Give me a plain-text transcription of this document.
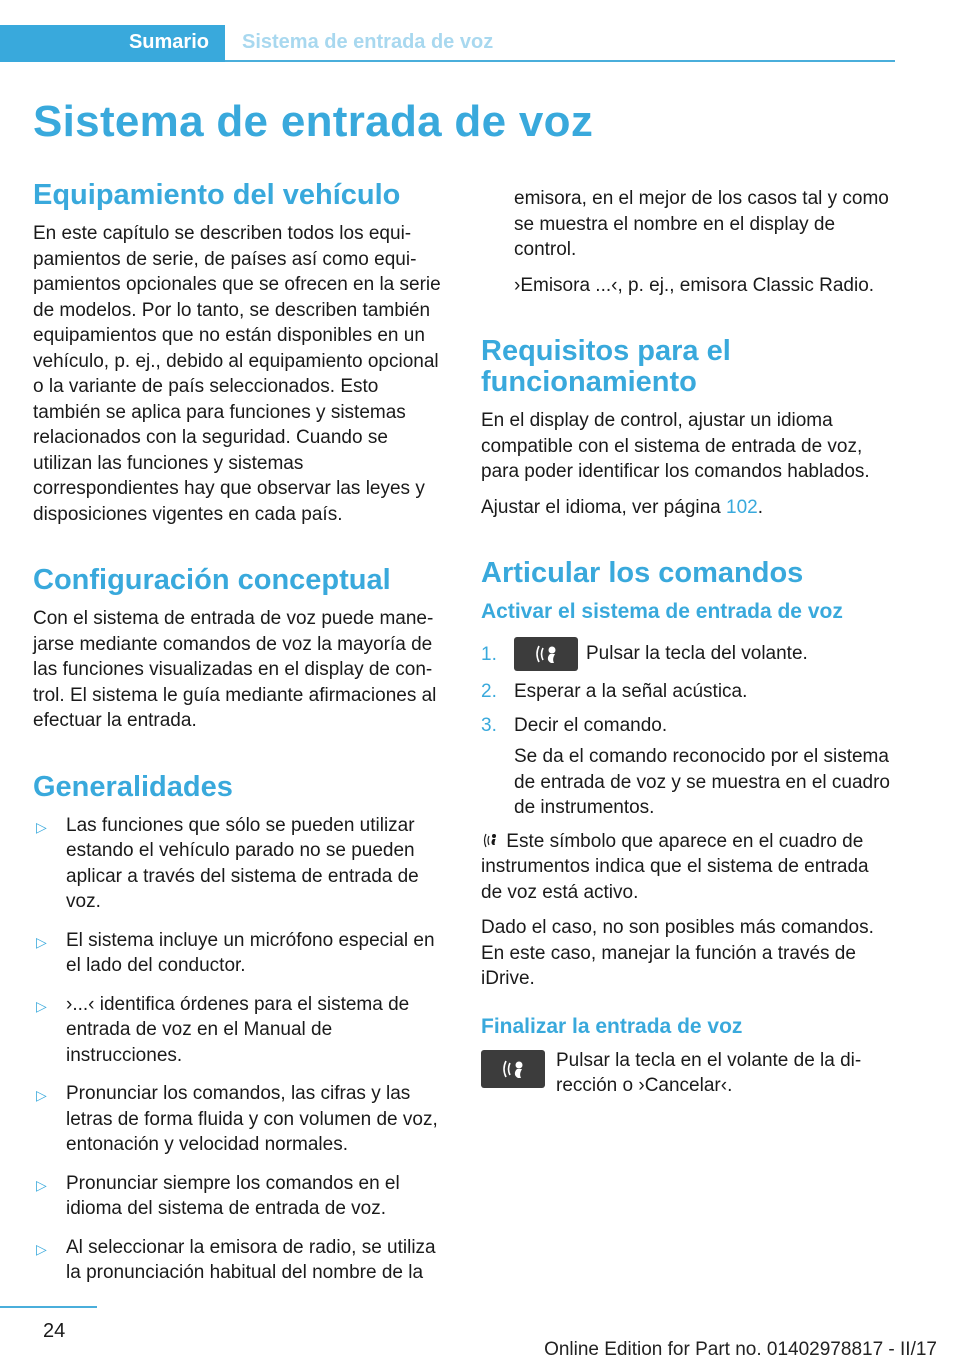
Sumario Sistema de entrada de voz
Sistema de entrada de voz
Equipamiento del vehículo

En este capítulo se describen todos los equipamientos de serie, de países así como equipamientos opcionales que se ofrecen en la serie de modelos. Por lo tanto, se describen también equipamientos que no están disponibles en un vehículo, p. ej., debido al equipamiento opcional o la variante de país seleccionados. Esto también se aplica para funciones y sistemas relacionados con la seguridad. Cuando se utilizan las funciones y sistemas correspondientes hay que observar las leyes y disposiciones vigentes en cada país.

Configuración conceptual

Con el sistema de entrada de voz puede manejarse mediante comandos de voz la mayoría de las funciones visualizadas en el display de control. El sistema le guía mediante afirmaciones al efectuar la entrada.

Generalidades
▷ Las funciones que sólo se pueden utilizar estando el vehículo parado no se pueden aplicar a través del sistema de entrada de voz.
▷ El sistema incluye un micrófono especial en el lado del conductor.
▷ ›...‹ identifica órdenes para el sistema de entrada de voz en el Manual de instrucciones.
▷ Pronunciar los comandos, las cifras y las letras de forma fluida y con volumen de voz, entonación y velocidad normales.
▷ Pronunciar siempre los comandos en el idioma del sistema de entrada de voz.
▷ Al seleccionar la emisora de radio, se utiliza la pronunciación habitual del nombre de la

emisora, en el mejor de los casos tal y como se muestra el nombre en el display de control.

›Emisora ...‹, p. ej., emisora Classic Radio.

Requisitos para el funcionamiento

En el display de control, ajustar un idioma compatible con el sistema de entrada de voz, para poder identificar los comandos hablados.

Ajustar el idioma, ver página 102.

Articular los comandos
Activar el sistema de entrada de voz
1.	Pulsar la tecla del volante.
2. Esperar a la señal acústica.
3. Decir el comando.
Se da el comando reconocido por el sistema de entrada de voz y se muestra en el cuadro de instrumentos.

Este símbolo que aparece en el cuadro de instrumentos indica que el sistema de entrada de voz está activo.

Dado el caso, no son posibles más comandos. En este caso, manejar la función a través de iDrive.

Finalizar la entrada de voz

Pulsar la tecla en el volante de la dirección o ›Cancelar‹.

24
Online Edition for Part no. 01402978817 - II/17
